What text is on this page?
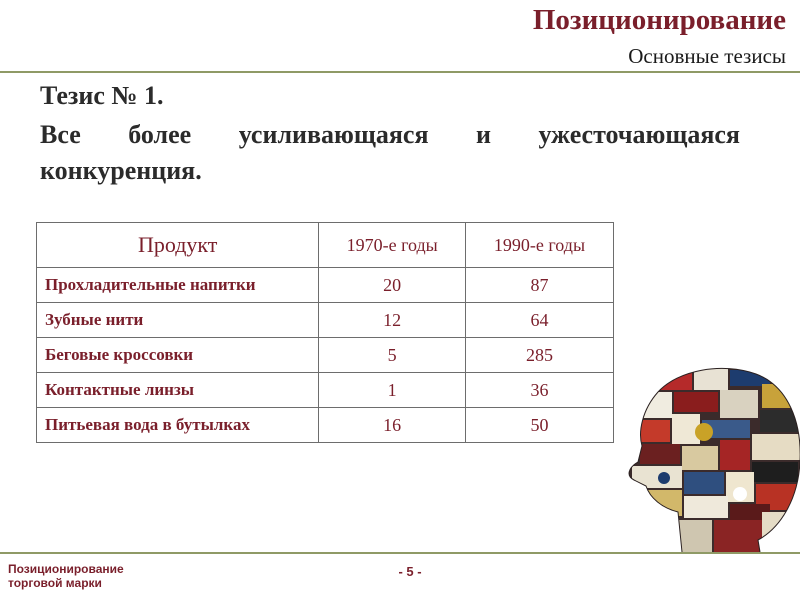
Позиционирование
Основные тезисы
Тезис № 1.
Все более усиливающаяся и ужесточающаяся конкуренция.
Продукт	1970-е годы	1990-е годы
Прохладительные напитки	20	87
Зубные нити	12	64
Беговые кроссовки	5	285
Контактные линзы	1	36
Питьевая вода в бутылках	16	50
Позиционирование
торговой марки
- 5 -
